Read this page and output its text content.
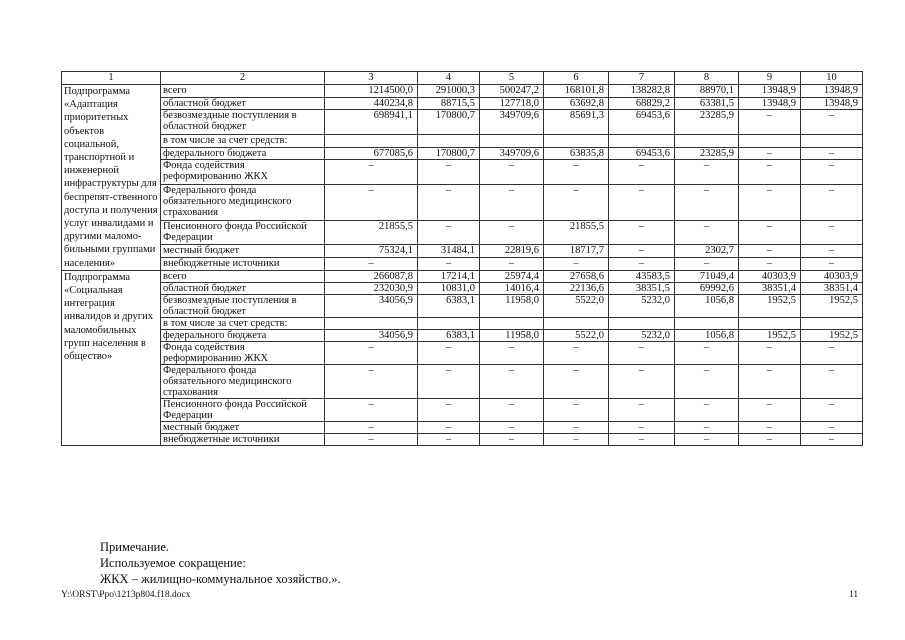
1	2	3	4	5	6	7	8	9	10
Подпрограмма «Адаптация приоритетных объектов социальной, транспортной и инженерной инфраструктуры для беспрепят-ственного доступа и получения услуг инвалидами и другими маломо-бильными группами населения»	всего	1214500,0	291000,3	500247,2	168101,8	138282,8	88970,1	13948,9	13948,9
	областной бюджет	440234,8	88715,5	127718,0	63692,8	68829,2	63381,5	13948,9	13948,9
	безвозмездные поступления в областной бюджет	698941,1	170800,7	349709,6	85691,3	69453,6	23285,9	–	–
	в том числе за счет средств:								
	федерального бюджета	677085,6	170800,7	349709,6	63835,8	69453,6	23285,9	–	–
	Фонда содействия реформированию ЖКХ	–	–	–	–	–	–	–	–
	Федерального фонда обязательного медицинского страхования	–	–	–	–	–	–	–	–
	Пенсионного фонда Российской Федерации	21855,5	–	–	21855,5	–	–	–	–
	местный бюджет	75324,1	31484,1	22819,6	18717,7	–	2302,7	–	–
	внебюджетные источники	–	–	–	–	–	–	–	–
Подпрограмма «Социальная интеграция инвалидов и других маломобильных групп населения в общество»	всего	266087,8	17214,1	25974,4	27658,6	43583,5	71049,4	40303,9	40303,9
	областной бюджет	232030,9	10831,0	14016,4	22136,6	38351,5	69992,6	38351,4	38351,4
	безвозмездные поступления в областной бюджет	34056,9	6383,1	11958,0	5522,0	5232,0	1056,8	1952,5	1952,5
	в том числе за счет средств:								
	федерального бюджета	34056,9	6383,1	11958,0	5522,0	5232,0	1056,8	1952,5	1952,5
	Фонда содействия реформированию ЖКХ	–	–	–	–	–	–	–	–
	Федерального фонда обязательного медицинского страхования	–	–	–	–	–	–	–	–
	Пенсионного фонда Российской Федерации	–	–	–	–	–	–	–	–
	местный бюджет	–	–	–	–	–	–	–	–
	внебюджетные источники	–	–	–	–	–	–	–	–
Примечание.
Используемое сокращение:
ЖКХ – жилищно-коммунальное хозяйство.».
Y:\ORST\Ppo\1213p804.f18.docx	11
